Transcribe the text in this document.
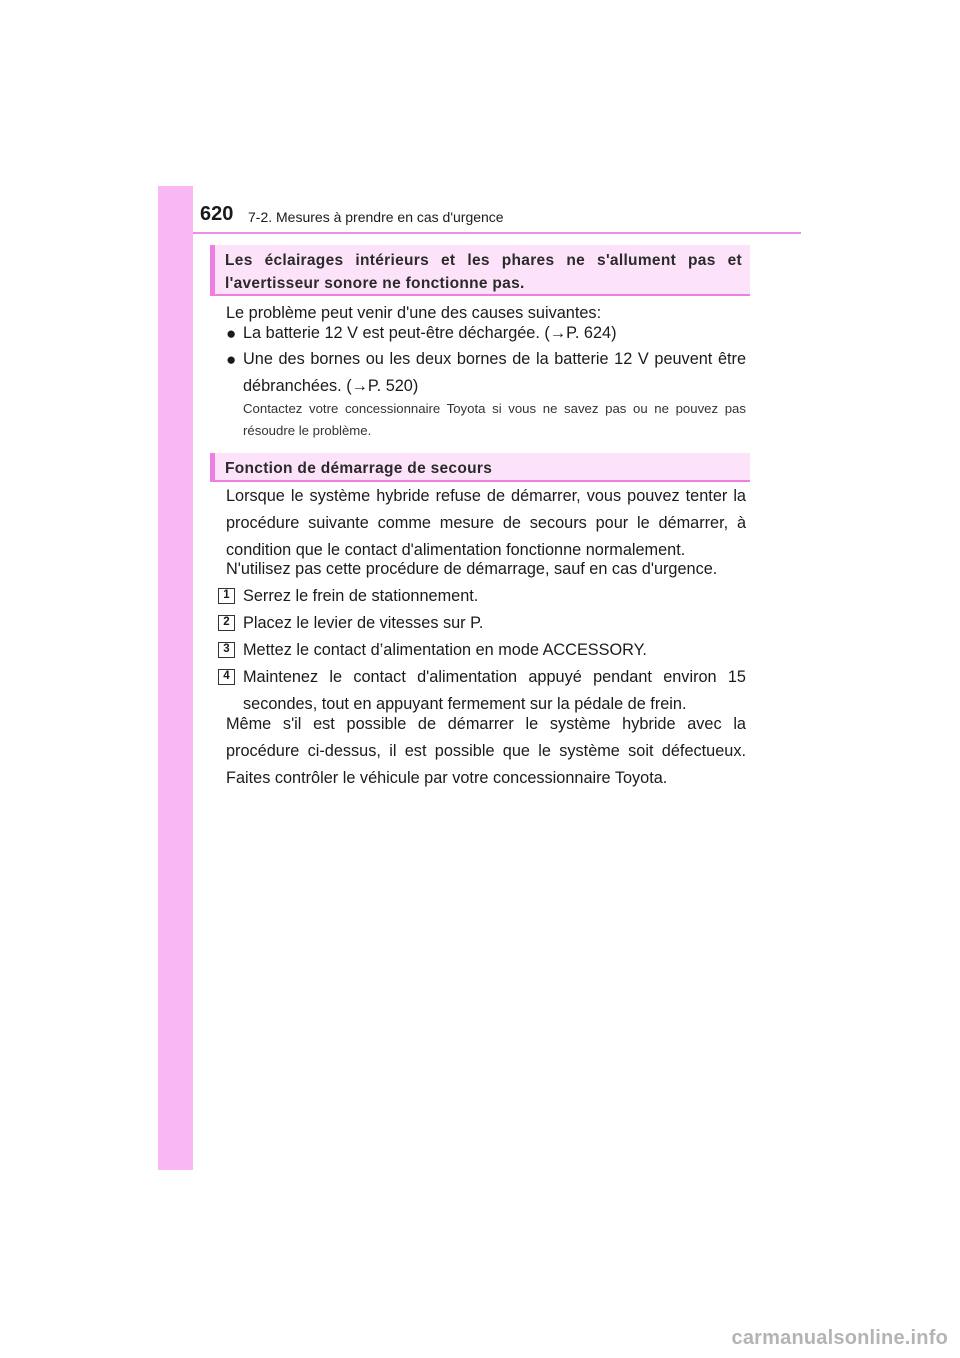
620 7-2. Mesures à prendre en cas d'urgence
Les éclairages intérieurs et les phares ne s'allument pas et l'avertisseur sonore ne fonctionne pas.

Le problème peut venir d'une des causes suivantes:

● La batterie 12 V est peut-être déchargée. (→P. 624)
● Une des bornes ou les deux bornes de la batterie 12 V peuvent être débranchées. (→P. 520)

Contactez votre concessionnaire Toyota si vous ne savez pas ou ne pouvez pas résoudre le problème.

Fonction de démarrage de secours

Lorsque le système hybride refuse de démarrer, vous pouvez tenter la procédure suivante comme mesure de secours pour le démarrer, à condition que le contact d'alimentation fonctionne normalement.

N'utilisez pas cette procédure de démarrage, sauf en cas d'urgence.

1 Serrez le frein de stationnement.
2 Placez le levier de vitesses sur P.
3 Mettez le contact d’alimentation en mode ACCESSORY.
4 Maintenez le contact d'alimentation appuyé pendant environ 15 secondes, tout en appuyant fermement sur la pédale de frein.

Même s'il est possible de démarrer le système hybride avec la procédure ci-dessus, il est possible que le système soit défectueux. Faites contrôler le véhicule par votre concessionnaire Toyota.

carmanualsonline.info
